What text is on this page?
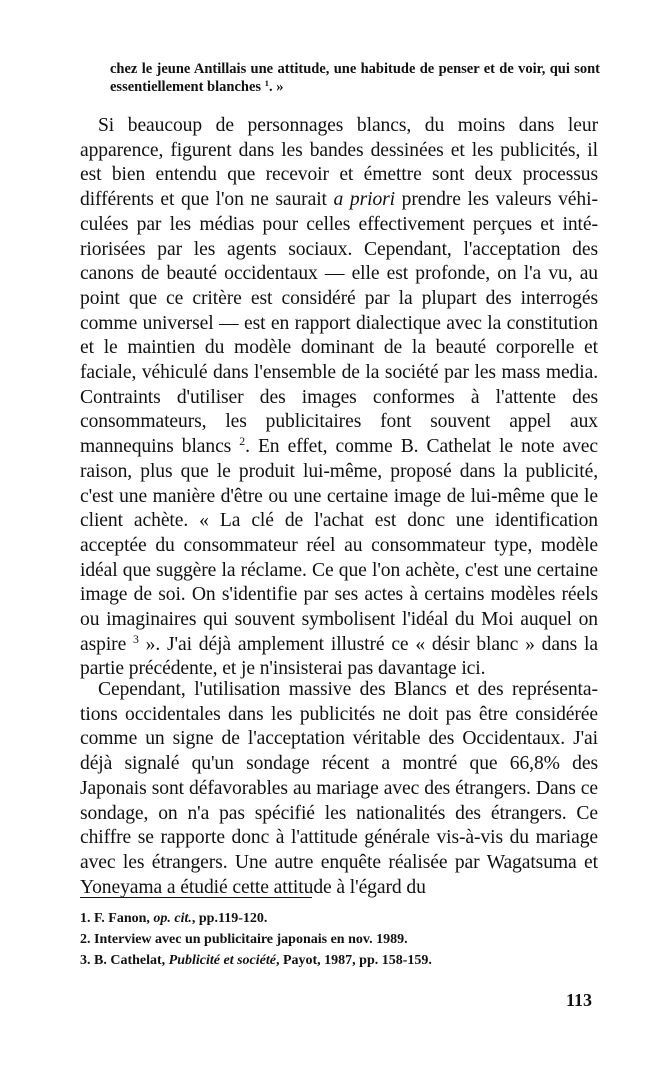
chez le jeune Antillais une attitude, une habitude de penser et de voir, qui sont essentiellement blanches $^1$. »
Si beaucoup de personnages blancs, du moins dans leur apparence, figurent dans les bandes dessinées et les publicités, il est bien entendu que recevoir et émettre sont deux processus différents et que l'on ne saurait a priori prendre les valeurs véhiculées par les médias pour celles effectivement perçues et intériorisées par les agents sociaux. Cependant, l'acceptation des canons de beauté occidentaux — elle est profonde, on l'a vu, au point que ce critère est considéré par la plupart des interrogés comme universel — est en rapport dialectique avec la constitution et le maintien du modèle dominant de la beauté corporelle et faciale, véhiculé dans l'ensemble de la société par les mass media. Contraints d'utiliser des images conformes à l'attente des consommateurs, les publicitaires font souvent appel aux mannequins blancs $^2$. En effet, comme B. Cathelat le note avec raison, plus que le produit lui-même, proposé dans la publicité, c'est une manière d'être ou une certaine image de lui-même que le client achète. « La clé de l'achat est donc une identification acceptée du consommateur réel au consommateur type, modèle idéal que suggère la réclame. Ce que l'on achète, c'est une certaine image de soi. On s'identifie par ses actes à certains modèles réels ou imaginaires qui souvent symbolisent l'idéal du Moi auquel on aspire $^3$ ». J'ai déjà amplement illustré ce « désir blanc » dans la partie précédente, et je n'insisterai pas davantage ici.
Cependant, l'utilisation massive des Blancs et des représentations occidentales dans les publicités ne doit pas être considérée comme un signe de l'acceptation véritable des Occidentaux. J'ai déjà signalé qu'un sondage récent a montré que 66,8% des Japonais sont défavorables au mariage avec des étrangers. Dans ce sondage, on n'a pas spécifié les nationalités des étrangers. Ce chiffre se rapporte donc à l'attitude générale vis-à-vis du mariage avec les étrangers. Une autre enquête réalisée par Wagatsuma et Yoneyama a étudié cette attitude à l'égard du
1. F. Fanon, op. cit., pp.119-120.
2. Interview avec un publicitaire japonais en nov. 1989.
3. B. Cathelat, Publicité et société, Payot, 1987, pp. 158-159.
113
